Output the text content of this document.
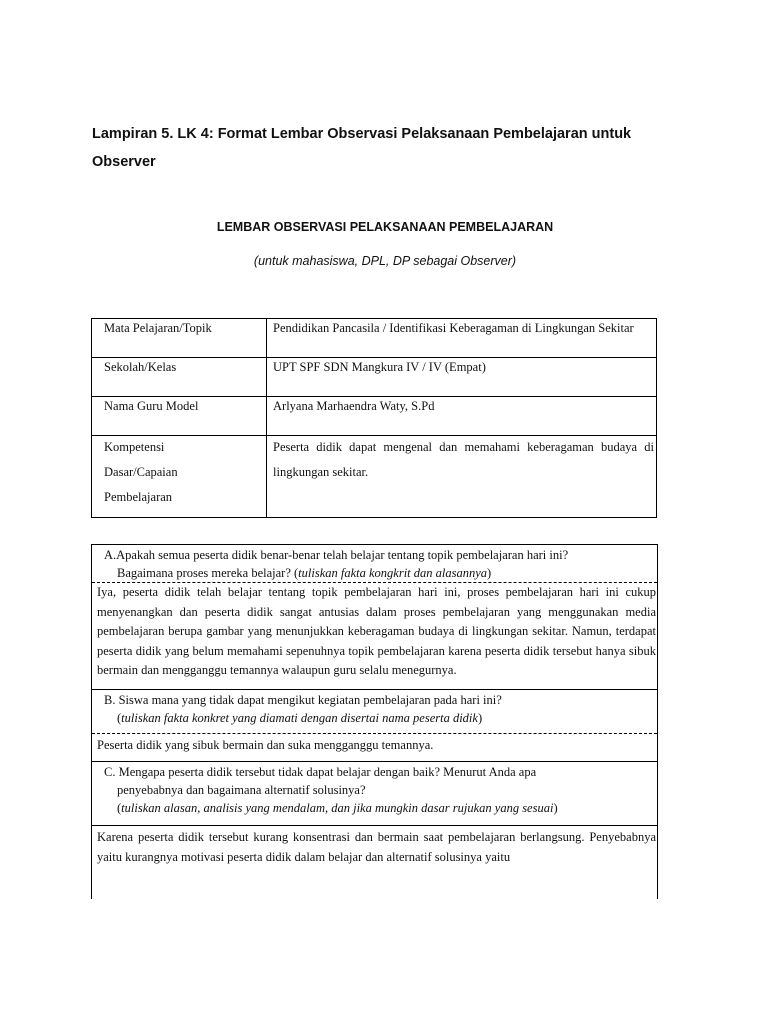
Lampiran 5. LK 4: Format Lembar Observasi Pelaksanaan Pembelajaran untuk
Observer
LEMBAR OBSERVASI PELAKSANAAN PEMBELAJARAN
(untuk mahasiswa, DPL, DP sebagai Observer)
Mata Pelajaran/Topik	Pendidikan Pancasila / Identifikasi Keberagaman di Lingkungan Sekitar
Sekolah/Kelas	UPT SPF SDN Mangkura IV / IV (Empat)
Nama Guru Model	Arlyana Marhaendra Waty, S.Pd

Kompetensi
Dasar/Capaian
Pembelajaran	Peserta didik dapat mengenal dan memahami keberagaman budaya di lingkungan sekitar.
A.Apakah semua peserta didik benar-benar telah belajar tentang topik pembelajaran hari ini?
Bagaimana proses mereka belajar? (tuliskan fakta kongkrit dan alasannya)
Iya, peserta didik telah belajar tentang topik pembelajaran hari ini, proses pembelajaran hari ini cukup menyenangkan dan peserta didik sangat antusias dalam proses pembelajaran yang menggunakan media pembelajaran berupa gambar yang menunjukkan keberagaman budaya di lingkungan sekitar. Namun, terdapat peserta didik yang belum memahami sepenuhnya topik pembelajaran karena peserta didik tersebut hanya sibuk bermain dan mengganggu temannya walaupun guru selalu menegurnya.
B. Siswa mana yang tidak dapat mengikut kegiatan pembelajaran pada hari ini?
(tuliskan fakta konkret yang diamati dengan disertai nama peserta didik)
Peserta didik yang sibuk bermain dan suka mengganggu temannya.
C. Mengapa peserta didik tersebut tidak dapat belajar dengan baik? Menurut Anda apa
penyebabnya dan bagaimana alternatif solusinya?
(tuliskan alasan, analisis yang mendalam, dan jika mungkin dasar rujukan yang sesuai)
Karena peserta didik tersebut kurang konsentrasi dan bermain saat pembelajaran berlangsung. Penyebabnya yaitu kurangnya motivasi peserta didik dalam belajar dan alternatif solusinya yaitu
